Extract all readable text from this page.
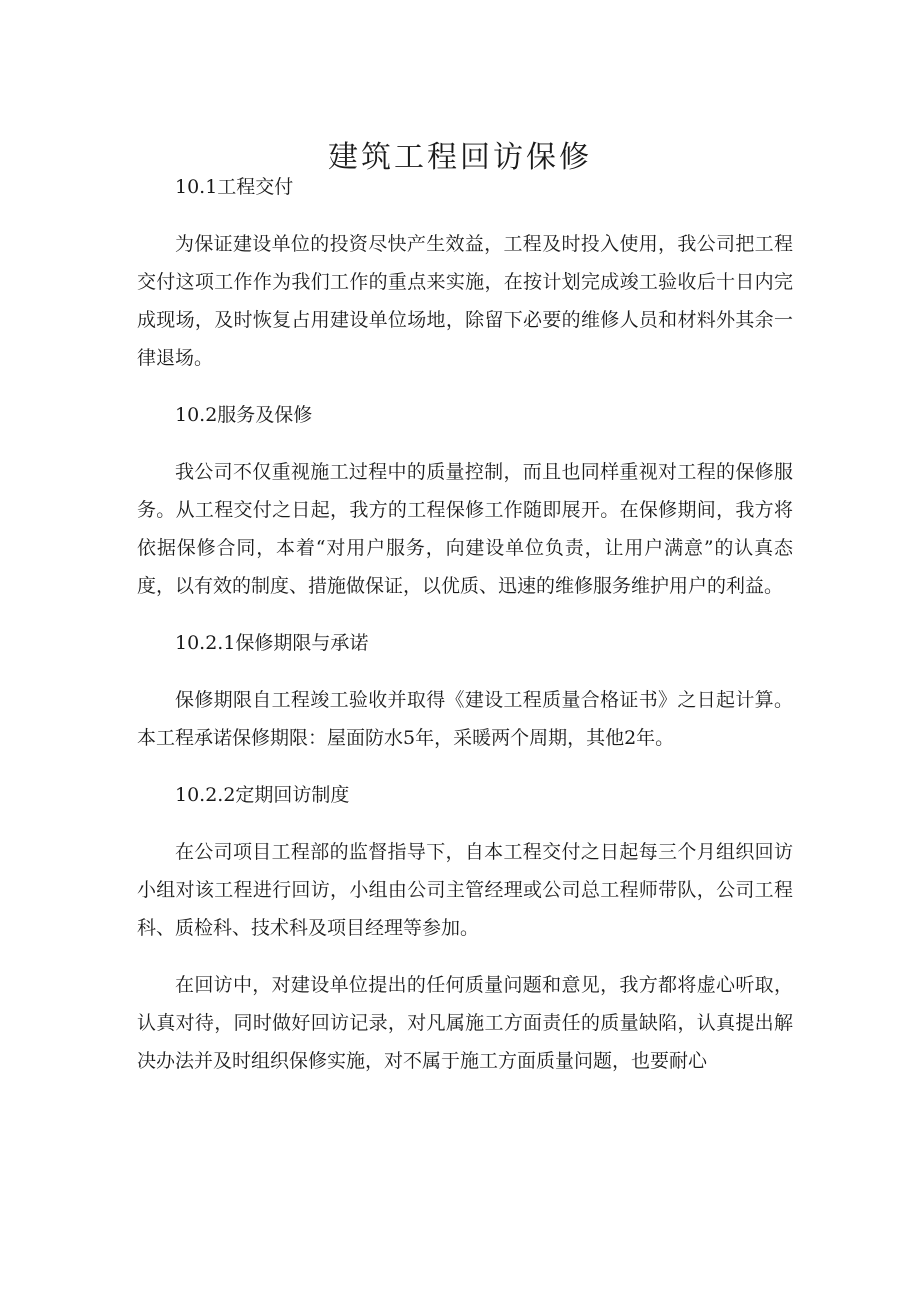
建筑工程回访保修

10.1工程交付

为保证建设单位的投资尽快产生效益，工程及时投入使用，我公司把工程交付这项工作作为我们工作的重点来实施，在按计划完成竣工验收后十日内完成现场，及时恢复占用建设单位场地，除留下必要的维修人员和材料外其余一律退场。

10.2服务及保修

我公司不仅重视施工过程中的质量控制，而且也同样重视对工程的保修服务。从工程交付之日起，我方的工程保修工作随即展开。在保修期间，我方将依据保修合同，本着“对用户服务，向建设单位负责，让用户满意”的认真态度，以有效的制度、措施做保证，以优质、迅速的维修服务维护用户的利益。

10.2.1保修期限与承诺

保修期限自工程竣工验收并取得《建设工程质量合格证书》之日起计算。本工程承诺保修期限：屋面防水5年，采暖两个周期，其他2年。

10.2.2定期回访制度

在公司项目工程部的监督指导下，自本工程交付之日起每三个月组织回访小组对该工程进行回访，小组由公司主管经理或公司总工程师带队，公司工程科、质检科、技术科及项目经理等参加。

在回访中，对建设单位提出的任何质量问题和意见，我方都将虚心听取，认真对待，同时做好回访记录，对凡属施工方面责任的质量缺陷，认真提出解决办法并及时组织保修实施，对不属于施工方面质量问题，也要耐心
